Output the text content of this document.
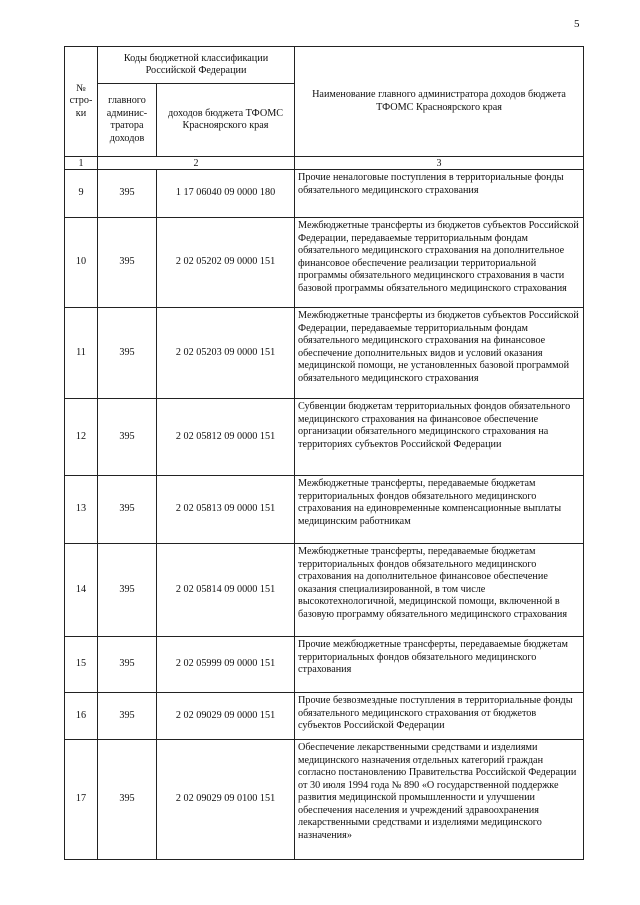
5
№ стро-ки	Коды бюджетной классификации Российской Федерации		Наименование главного администратора доходов бюджета ТФОМС Красноярского края
	главного админис-тратора доходов	доходов бюджета ТФОМС Красноярского края	
1	2		3
9	395	1 17 06040 09 0000 180	Прочие неналоговые поступления в территориальные фонды обязательного медицинского страхования
10	395	2 02 05202 09 0000 151	Межбюджетные трансферты из бюджетов субъектов Российской Федерации, передаваемые территориальным фондам обязательного медицинского страхования на дополнительное финансовое обеспечение реализации территориальной программы обязательного медицинского страхования в части базовой программы обязательного медицинского страхования
11	395	2 02 05203 09 0000 151	Межбюджетные трансферты из бюджетов субъектов Российской Федерации, передаваемые территориальным фондам обязательного медицинского страхования на финансовое обеспечение дополнительных видов и условий оказания медицинской помощи, не установленных базовой программой обязательного медицинского страхования
12	395	2 02 05812 09 0000 151	Субвенции бюджетам территориальных фондов обязательного медицинского страхования на финансовое обеспечение организации обязательного медицинского страхования на территориях субъектов Российской Федерации
13	395	2 02 05813 09 0000 151	Межбюджетные трансферты, передаваемые бюджетам территориальных фондов обязательного медицинского страхования на единовременные компенсационные выплаты медицинским работникам
14	395	2 02 05814 09 0000 151	Межбюджетные трансферты, передаваемые бюджетам территориальных фондов обязательного медицинского страхования на дополнительное финансовое обеспечение оказания специализированной, в том числе высокотехнологичной, медицинской помощи, включенной в базовую программу обязательного медицинского страхования
15	395	2 02 05999 09 0000 151	Прочие межбюджетные трансферты, передаваемые бюджетам территориальных фондов обязательного медицинского страхования
16	395	2 02 09029 09 0000 151	Прочие безвозмездные поступления в территориальные фонды обязательного медицинского страхования от бюджетов субъектов Российской Федерации
17	395	2 02 09029 09 0100 151	Обеспечение лекарственными средствами и изделиями медицинского назначения отдельных категорий граждан согласно постановлению Правительства Российской Федерации от 30 июля 1994 года № 890 «О государственной поддержке развития медицинской промышленности и улучшении обеспечения населения и учреждений здравоохранения лекарственными средствами и изделиями медицинского назначения»
